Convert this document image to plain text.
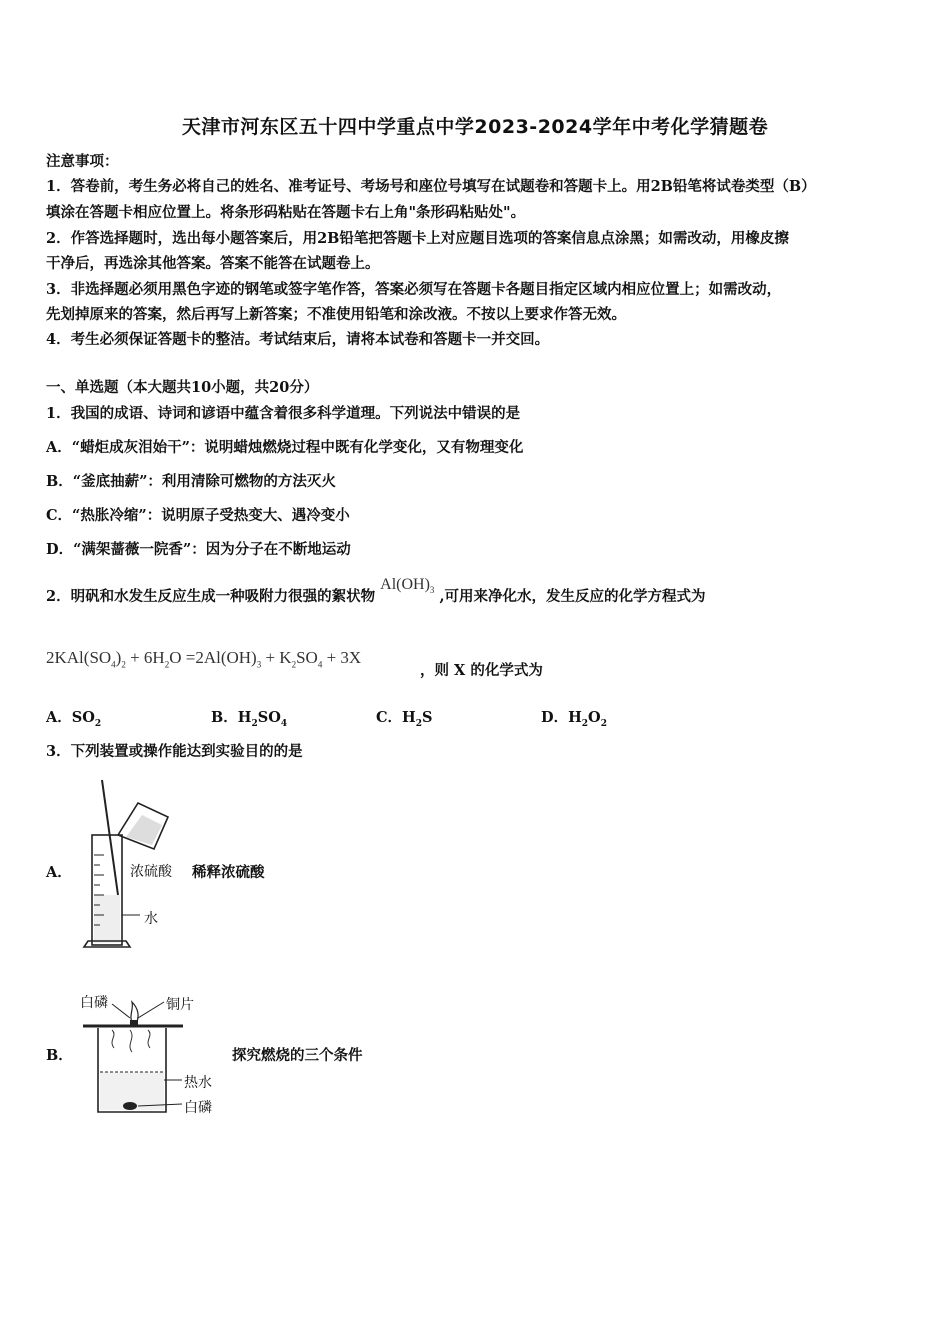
天津市河东区五十四中学重点中学2023-2024学年中考化学猜题卷
注意事项：
1．答卷前，考生务必将自己的姓名、准考证号、考场号和座位号填写在试题卷和答题卡上。用2B铅笔将试卷类型（B）
填涂在答题卡相应位置上。将条形码粘贴在答题卡右上角"条形码粘贴处"。
2．作答选择题时，选出每小题答案后，用2B铅笔把答题卡上对应题目选项的答案信息点涂黑；如需改动，用橡皮擦
干净后，再选涂其他答案。答案不能答在试题卷上。
3．非选择题必须用黑色字迹的钢笔或签字笔作答，答案必须写在答题卡各题目指定区域内相应位置上；如需改动，
先划掉原来的答案，然后再写上新答案；不准使用铅笔和涂改液。不按以上要求作答无效。
4．考生必须保证答题卡的整洁。考试结束后，请将本试卷和答题卡一并交回。
一、单选题（本大题共10小题，共20分）
1．我国的成语、诗词和谚语中蕴含着很多科学道理。下列说法中错误的是
A．“蜡炬成灰泪始干”：说明蜡烛燃烧过程中既有化学变化，又有物理变化
B．“釜底抽薪”：利用清除可燃物的方法灭火
C．“热胀冷缩”：说明原子受热变大、遇冷变小
D．“满架蔷薇一院香”：因为分子在不断地运动
2．明矾和水发生反应生成一种吸附力很强的絮状物 $Al(OH)_3$ ,可用来净化水，发生反应的化学方程式为
$2KAl(SO_4)_2 + 6H_2O =2Al(OH)_3 + K_2SO_4 + 3X$
，则 X 的化学式为
A．$SO_2$	B．$H_2SO_4$	C．$H_2S$	D．$H_2O_2$
3．下列装置或操作能达到实验目的的是
A．	浓硫酸
水
稀释浓硫酸
B．
白磷	铜片
热水
白磷
探究燃烧的三个条件
